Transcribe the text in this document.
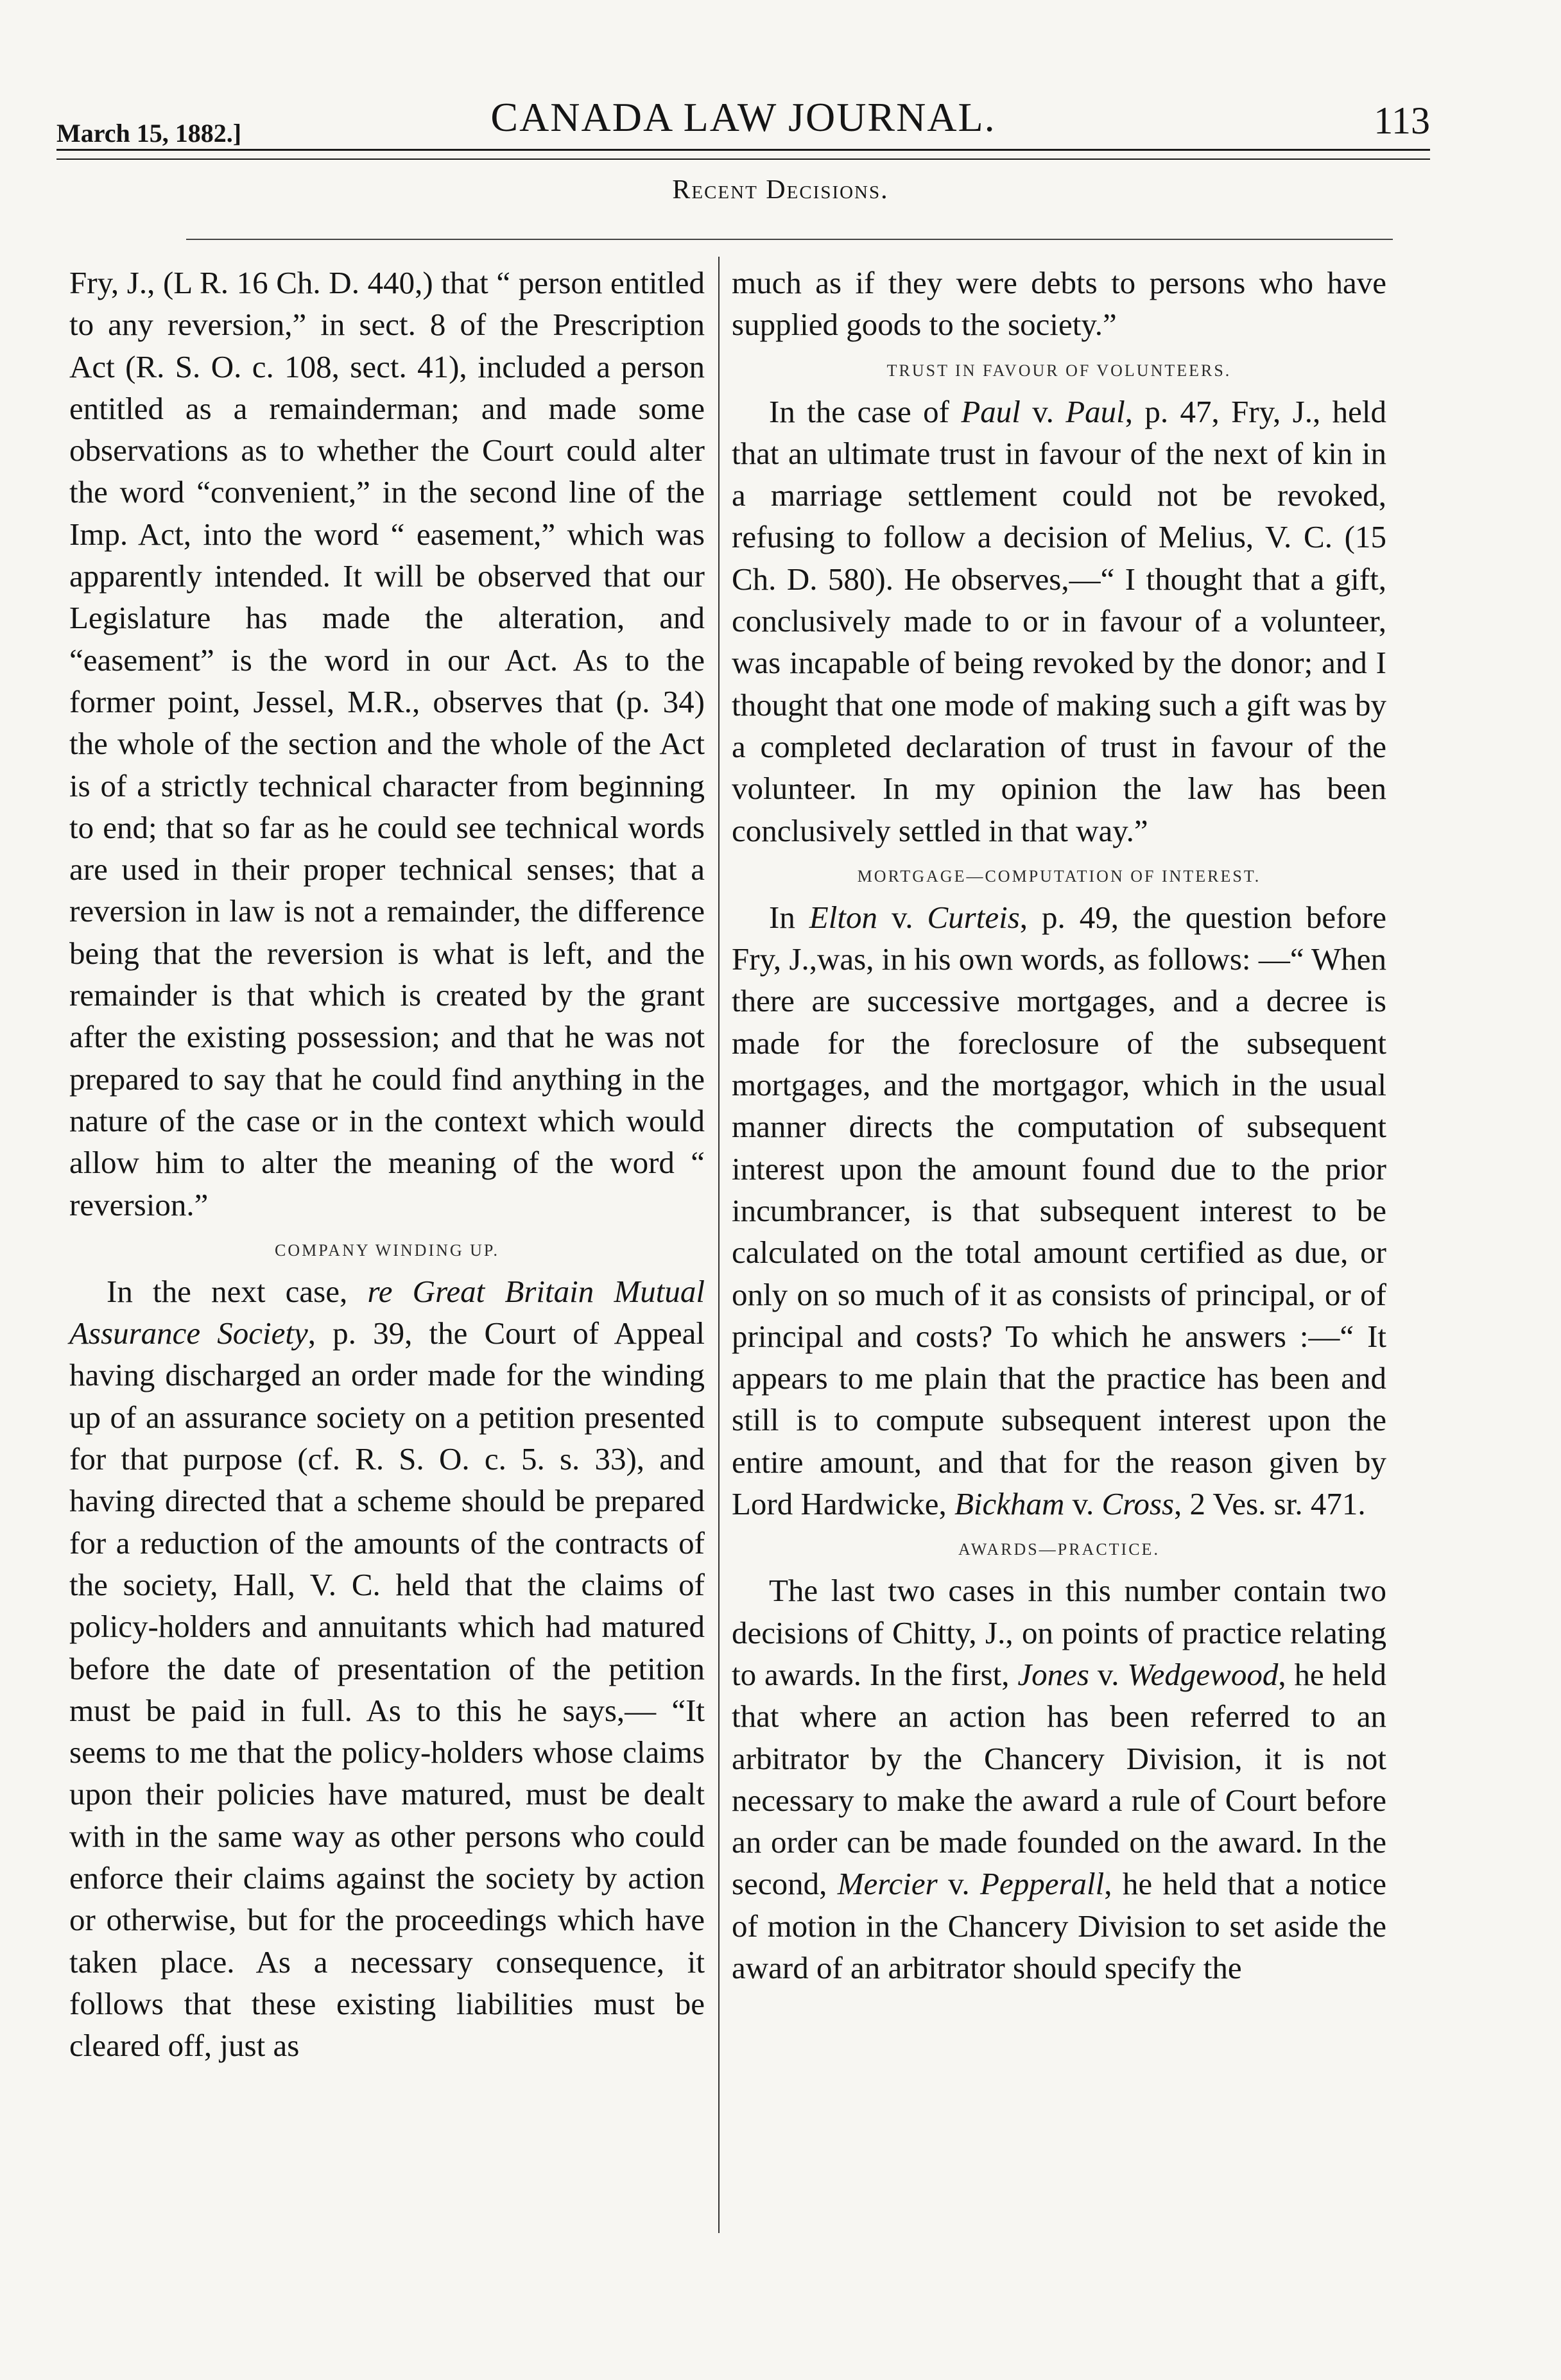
March 15, 1882.]	CANADA LAW JOURNAL.	113
Recent Decisions.

Fry, J., (L R. 16 Ch. D. 440,) that “ person entitled to any reversion,” in sect. 8 of the Prescription Act (R. S. O. c. 108, sect. 41), included a person entitled as a remainderman; and made some observations as to whether the Court could alter the word “convenient,” in the second line of the Imp. Act, into the word “ easement,” which was apparently intended. It will be observed that our Legislature has made the alteration, and “easement” is the word in our Act. As to the former point, Jessel, M.R., observes that (p. 34) the whole of the section and the whole of the Act is of a strictly technical character from beginning to end; that so far as he could see technical words are used in their proper technical senses; that a reversion in law is not a remainder, the difference being that the reversion is what is left, and the remainder is that which is created by the grant after the existing possession; and that he was not prepared to say that he could find anything in the nature of the case or in the context which would allow him to alter the meaning of the word “ reversion.”

COMPANY WINDING UP.

In the next case, re Great Britain Mutual Assurance Society, p. 39, the Court of Appeal having discharged an order made for the winding up of an assurance society on a petition presented for that purpose (cf. R. S. O. c. 5. s. 33), and having directed that a scheme should be prepared for a reduction of the amounts of the contracts of the society, Hall, V. C. held that the claims of policy-holders and annuitants which had matured before the date of presentation of the petition must be paid in full. As to this he says,— “It seems to me that the policy-holders whose claims upon their policies have matured, must be dealt with in the same way as other persons who could enforce their claims against the society by action or otherwise, but for the proceedings which have taken place. As a necessary consequence, it follows that these existing liabilities must be cleared off, just as

much as if they were debts to persons who have supplied goods to the society.”

TRUST IN FAVOUR OF VOLUNTEERS.

In the case of Paul v. Paul, p. 47, Fry, J., held that an ultimate trust in favour of the next of kin in a marriage settlement could not be revoked, refusing to follow a decision of Melius, V. C. (15 Ch. D. 580). He observes,—“ I thought that a gift, conclusively made to or in favour of a volunteer, was incapable of being revoked by the donor; and I thought that one mode of making such a gift was by a completed declaration of trust in favour of the volunteer. In my opinion the law has been conclusively settled in that way.”

MORTGAGE—COMPUTATION OF INTEREST.

In Elton v. Curteis, p. 49, the question before Fry, J.,was, in his own words, as follows: —“ When there are successive mortgages, and a decree is made for the foreclosure of the subsequent mortgages, and the mortgagor, which in the usual manner directs the computation of subsequent interest upon the amount found due to the prior incumbrancer, is that subsequent interest to be calculated on the total amount certified as due, or only on so much of it as consists of principal, or of principal and costs? To which he answers :—“ It appears to me plain that the practice has been and still is to compute subsequent interest upon the entire amount, and that for the reason given by Lord Hardwicke, Bickham v. Cross, 2 Ves. sr. 471.

AWARDS—PRACTICE.

The last two cases in this number contain two decisions of Chitty, J., on points of practice relating to awards. In the first, Jones v. Wedgewood, he held that where an action has been referred to an arbitrator by the Chancery Division, it is not necessary to make the award a rule of Court before an order can be made founded on the award. In the second, Mercier v. Pepperall, he held that a notice of motion in the Chancery Division to set aside the award of an arbitrator should specify the
